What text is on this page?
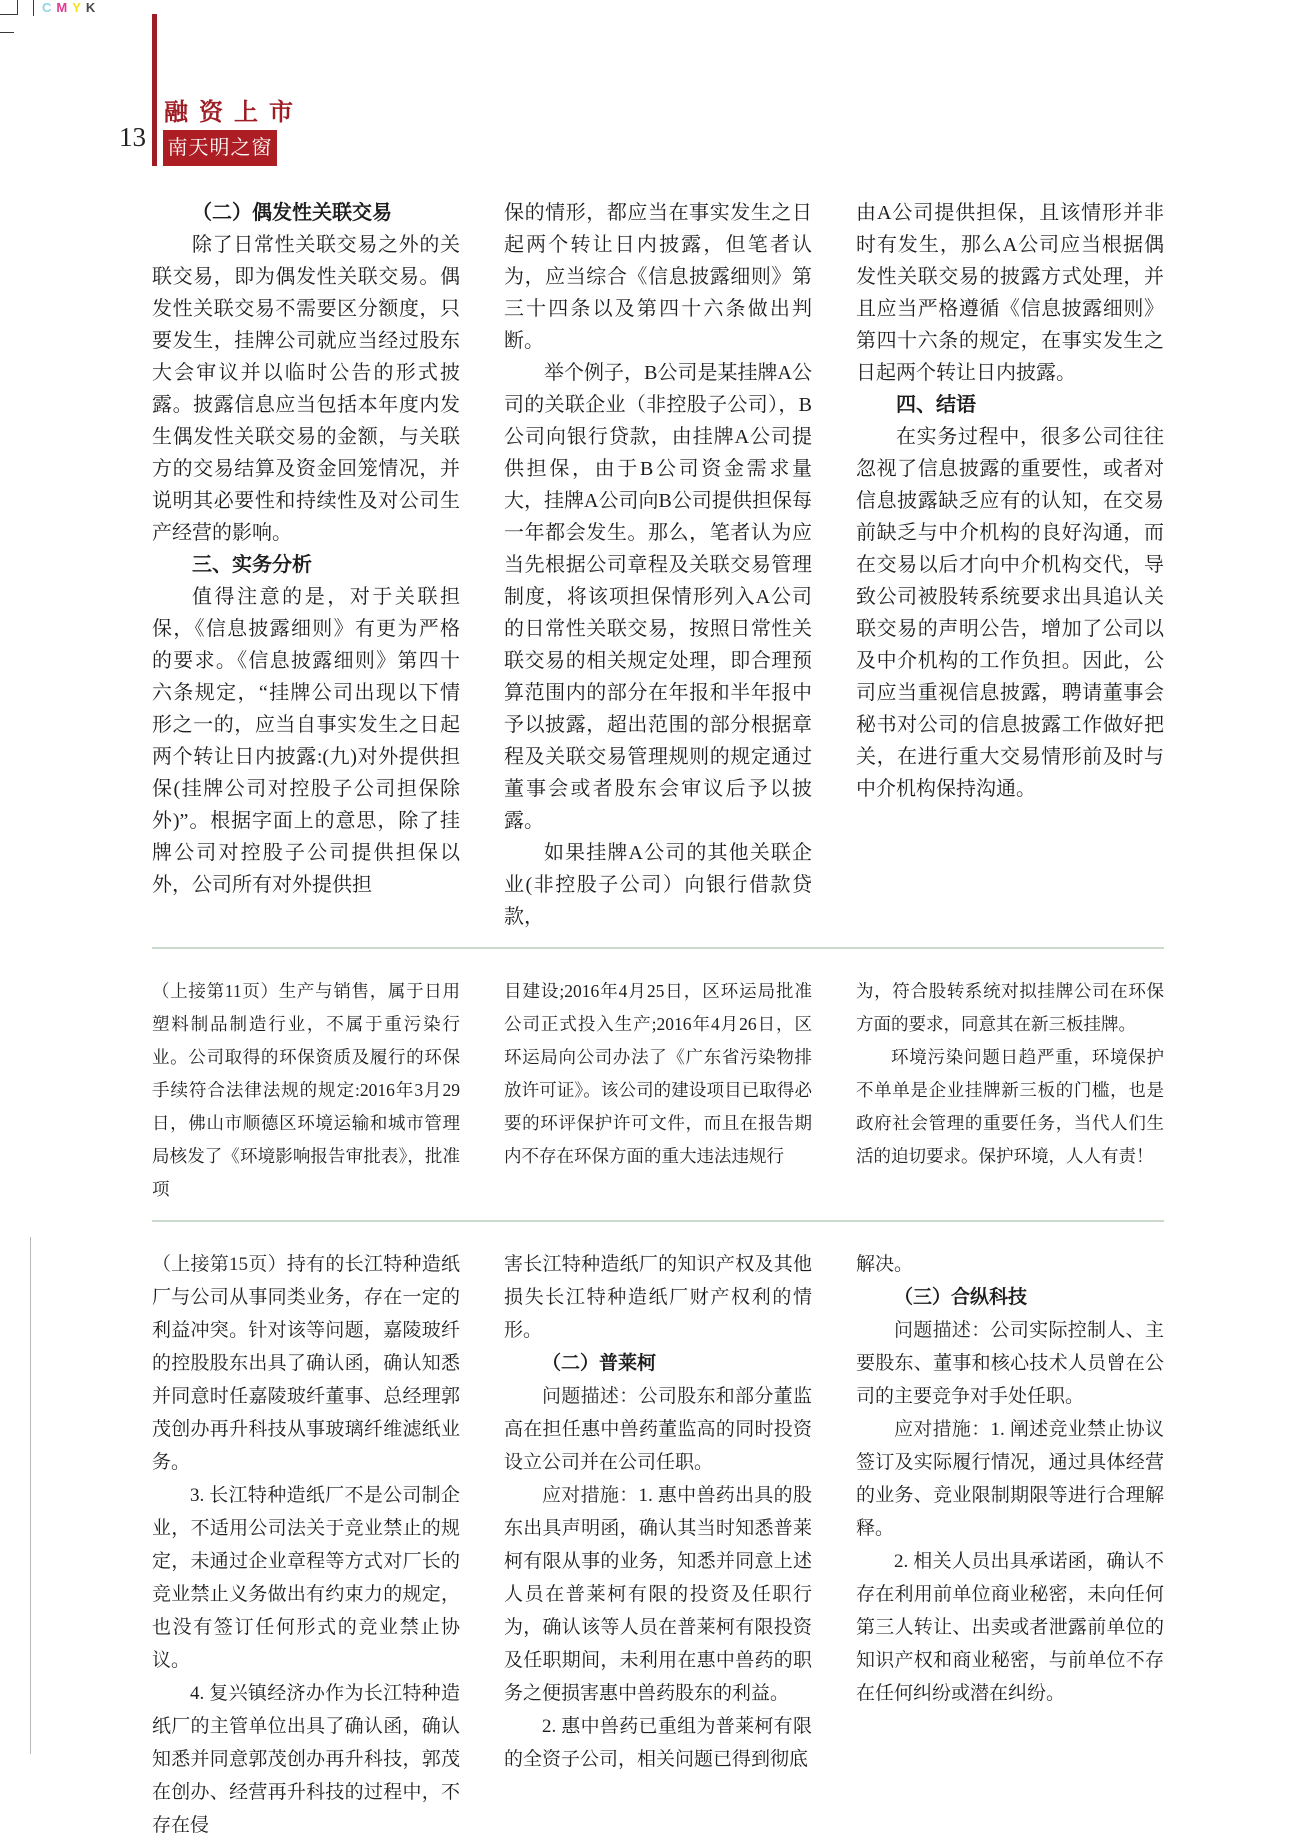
CMYK
13
融资上市
南天明之窗

（二）偶发性关联交易

除了日常性关联交易之外的关联交易，即为偶发性关联交易。偶发性关联交易不需要区分额度，只要发生，挂牌公司就应当经过股东大会审议并以临时公告的形式披露。披露信息应当包括本年度内发生偶发性关联交易的金额，与关联方的交易结算及资金回笼情况，并说明其必要性和持续性及对公司生产经营的影响。

三、实务分析

值得注意的是，对于关联担保，《信息披露细则》有更为严格的要求。《信息披露细则》第四十六条规定，“挂牌公司出现以下情形之一的，应当自事实发生之日起两个转让日内披露:(九)对外提供担保(挂牌公司对控股子公司担保除外)”。根据字面上的意思，除了挂牌公司对控股子公司提供担保以外，公司所有对外提供担

保的情形，都应当在事实发生之日起两个转让日内披露，但笔者认为，应当综合《信息披露细则》第三十四条以及第四十六条做出判断。

举个例子，B公司是某挂牌A公司的关联企业（非控股子公司），B公司向银行贷款，由挂牌A公司提供担保，由于B公司资金需求量大，挂牌A公司向B公司提供担保每一年都会发生。那么，笔者认为应当先根据公司章程及关联交易管理制度，将该项担保情形列入A公司的日常性关联交易，按照日常性关联交易的相关规定处理，即合理预算范围内的部分在年报和半年报中予以披露，超出范围的部分根据章程及关联交易管理规则的规定通过董事会或者股东会审议后予以披露。

如果挂牌A公司的其他关联企业(非控股子公司）向银行借款贷款，

由A公司提供担保，且该情形并非时有发生，那么A公司应当根据偶发性关联交易的披露方式处理，并且应当严格遵循《信息披露细则》第四十六条的规定，在事实发生之日起两个转让日内披露。

四、结语

在实务过程中，很多公司往往忽视了信息披露的重要性，或者对信息披露缺乏应有的认知，在交易前缺乏与中介机构的良好沟通，而在交易以后才向中介机构交代，导致公司被股转系统要求出具追认关联交易的声明公告，增加了公司以及中介机构的工作负担。因此，公司应当重视信息披露，聘请董事会秘书对公司的信息披露工作做好把关，在进行重大交易情形前及时与中介机构保持沟通。

（上接第11页）生产与销售，属于日用塑料制品制造行业，不属于重污染行业。公司取得的环保资质及履行的环保手续符合法律法规的规定:2016年3月29日，佛山市顺德区环境运输和城市管理局核发了《环境影响报告审批表》，批准项

目建设;2016年4月25日，区环运局批准公司正式投入生产;2016年4月26日，区环运局向公司办法了《广东省污染物排放许可证》。该公司的建设项目已取得必要的环评保护许可文件，而且在报告期内不存在环保方面的重大违法违规行

为，符合股转系统对拟挂牌公司在环保方面的要求，同意其在新三板挂牌。

环境污染问题日趋严重，环境保护不单单是企业挂牌新三板的门槛，也是政府社会管理的重要任务，当代人们生活的迫切要求。保护环境，人人有责！

（上接第15页）持有的长江特种造纸厂与公司从事同类业务，存在一定的利益冲突。针对该等问题，嘉陵玻纤的控股股东出具了确认函，确认知悉并同意时任嘉陵玻纤董事、总经理郭茂创办再升科技从事玻璃纤维滤纸业务。

3. 长江特种造纸厂不是公司制企业，不适用公司法关于竞业禁止的规定，未通过企业章程等方式对厂长的竞业禁止义务做出有约束力的规定，也没有签订任何形式的竞业禁止协议。

4. 复兴镇经济办作为长江特种造纸厂的主管单位出具了确认函，确认知悉并同意郭茂创办再升科技，郭茂在创办、经营再升科技的过程中，不存在侵

害长江特种造纸厂的知识产权及其他损失长江特种造纸厂财产权利的情形。

（二）普莱柯

问题描述：公司股东和部分董监高在担任惠中兽药董监高的同时投资设立公司并在公司任职。

应对措施：1. 惠中兽药出具的股东出具声明函，确认其当时知悉普莱柯有限从事的业务，知悉并同意上述人员在普莱柯有限的投资及任职行为，确认该等人员在普莱柯有限投资及任职期间，未利用在惠中兽药的职务之便损害惠中兽药股东的利益。

2. 惠中兽药已重组为普莱柯有限的全资子公司，相关问题已得到彻底

解决。

（三）合纵科技

问题描述：公司实际控制人、主要股东、董事和核心技术人员曾在公司的主要竞争对手处任职。

应对措施：1. 阐述竞业禁止协议签订及实际履行情况，通过具体经营的业务、竞业限制期限等进行合理解释。

2. 相关人员出具承诺函，确认不存在利用前单位商业秘密，未向任何第三人转让、出卖或者泄露前单位的知识产权和商业秘密，与前单位不存在任何纠纷或潜在纠纷。
